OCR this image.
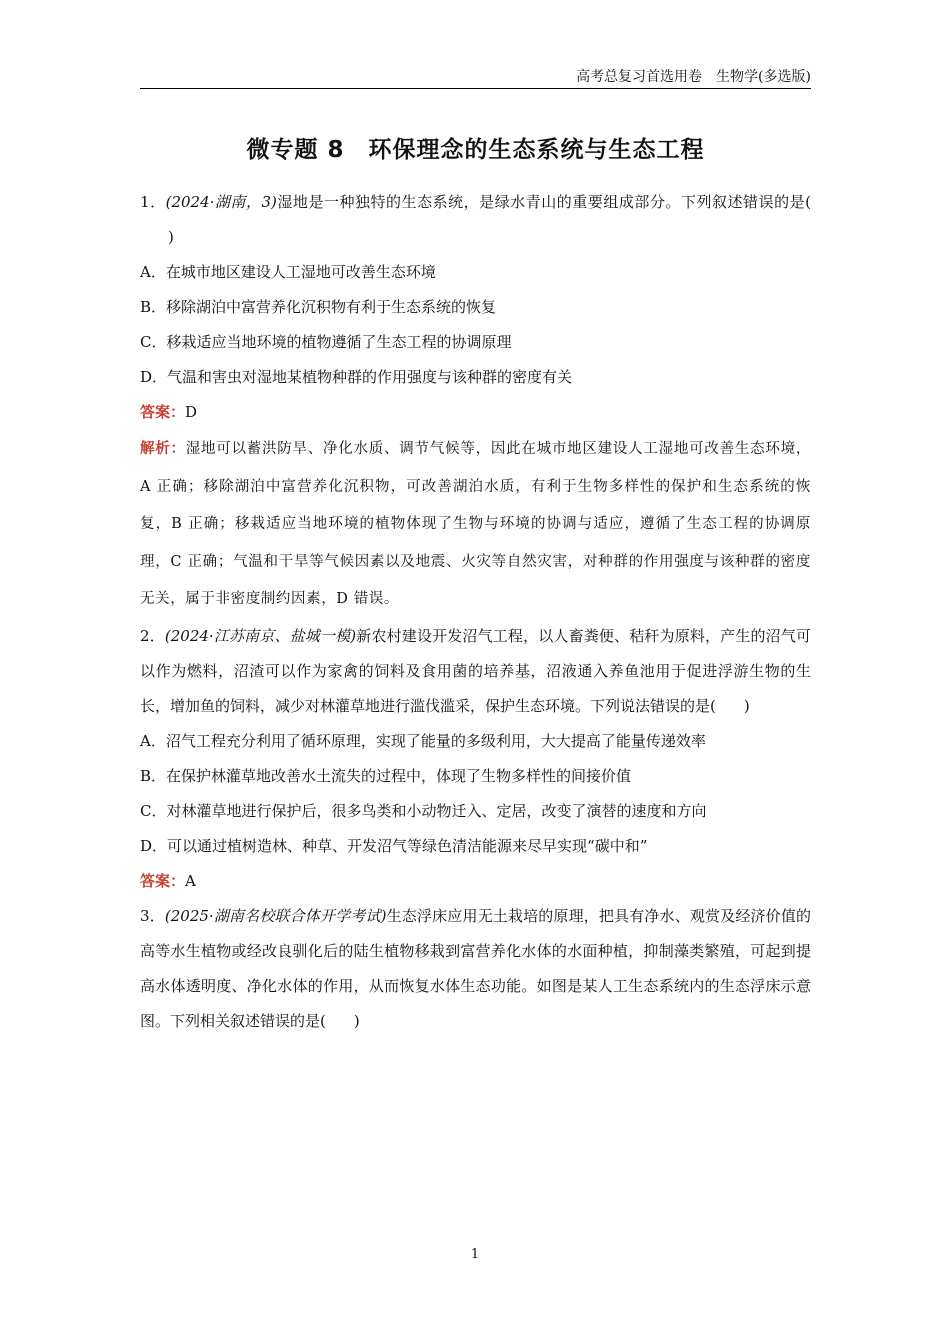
高考总复习首选用卷　生物学(多选版)
微专题 8　环保理念的生态系统与生态工程

1．(2024·湖南，3)湿地是一种独特的生态系统，是绿水青山的重要组成部分。下列叙述错误的是()

A．在城市地区建设人工湿地可改善生态环境

B．移除湖泊中富营养化沉积物有利于生态系统的恢复

C．移栽适应当地环境的植物遵循了生态工程的协调原理

D．气温和害虫对湿地某植物种群的作用强度与该种群的密度有关

答案：D

解析：湿地可以蓄洪防旱、净化水质、调节气候等，因此在城市地区建设人工湿地可改善生态环境，A 正确；移除湖泊中富营养化沉积物，可改善湖泊水质，有利于生物多样性的保护和生态系统的恢复，B 正确；移栽适应当地环境的植物体现了生物与环境的协调与适应，遵循了生态工程的协调原理，C 正确；气温和干旱等气候因素以及地震、火灾等自然灾害，对种群的作用强度与该种群的密度无关，属于非密度制约因素，D 错误。

2．(2024·江苏南京、盐城一模)新农村建设开发沼气工程，以人畜粪便、秸秆为原料，产生的沼气可以作为燃料，沼渣可以作为家禽的饲料及食用菌的培养基，沼液通入养鱼池用于促进浮游生物的生长，增加鱼的饲料，减少对林灌草地进行滥伐滥采，保护生态环境。下列说法错误的是( )

A．沼气工程充分利用了循环原理，实现了能量的多级利用，大大提高了能量传递效率

B．在保护林灌草地改善水土流失的过程中，体现了生物多样性的间接价值

C．对林灌草地进行保护后，很多鸟类和小动物迁入、定居，改变了演替的速度和方向

D．可以通过植树造林、种草、开发沼气等绿色清洁能源来尽早实现“碳中和”

答案：A

3．(2025·湖南名校联合体开学考试)生态浮床应用无土栽培的原理，把具有净水、观赏及经济价值的高等水生植物或经改良驯化后的陆生植物移栽到富营养化水体的水面种植，抑制藻类繁殖，可起到提高水体透明度、净化水体的作用，从而恢复水体生态功能。如图是某人工生态系统内的生态浮床示意图。下列相关叙述错误的是( )

1
